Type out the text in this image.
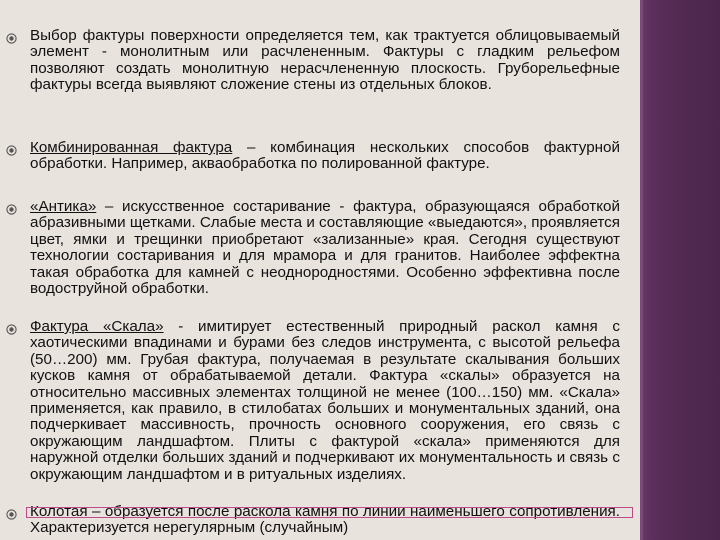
Выбор фактуры поверхности определяется тем, как трактуется облицовываемый элемент - монолитным или расчлененным. Фактуры с гладким рельефом позволяют создать монолитную нерасчлененную плоскость. Груборельефные фактуры всегда выявляют сложение стены из отдельных блоков.

Комбинированная фактура – комбинация нескольких способов фактурной обработки. Например, акваобработка по полированной фактуре.

«Антика» – искусственное состаривание - фактура, образующаяся обработкой абразивными щетками. Слабые места и составляющие «выедаются», проявляется цвет, ямки и трещинки приобретают «зализанные» края. Сегодня существуют технологии состаривания и для мрамора и для гранитов. Наиболее эффектна такая обработка для камней с неоднородностями. Особенно эффективна после водоструйной обработки.

Фактура «Скала» - имитирует естественный природный раскол камня с хаотическими впадинами и бурами без следов инструмента, с высотой рельефа (50…200) мм. Грубая фактура, получаемая в результате скалывания больших кусков камня от обрабатываемой детали. Фактура «скалы» образуется на относительно массивных элементах толщиной не менее (100…150) мм. «Скала» применяется, как правило, в стилобатах больших и монументальных зданий, она подчеркивает массивность, прочность основного сооружения, его связь с окружающим ландшафтом. Плиты с фактурой «скала» применяются для наружной отделки больших зданий и подчеркивают их монументальность и связь с окружающим ландшафтом и в ритуальных изделиях.

Колотая – образуется после раскола камня по линии наименьшего сопротивления. Характеризуется нерегулярным (случайным)
